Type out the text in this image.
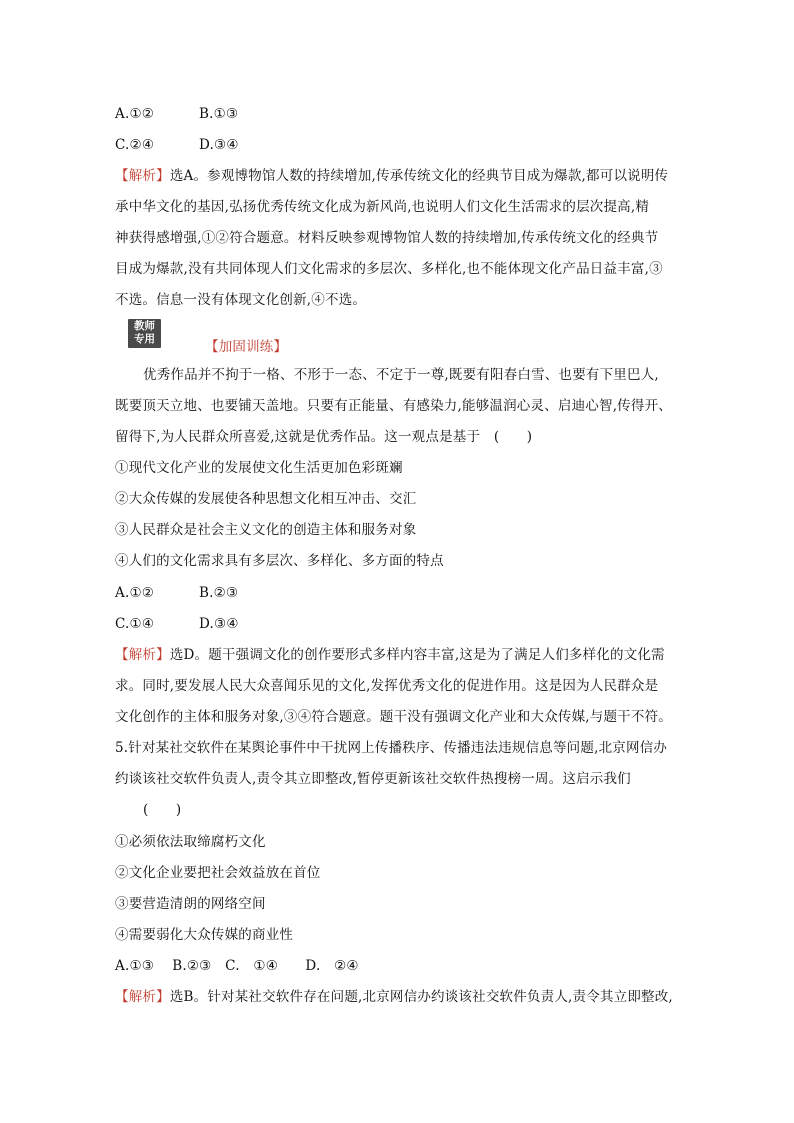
A.①②	B.①③
C.②④	D.③④
【解析】选A。参观博物馆人数的持续增加,传承传统文化的经典节目成为爆款,都可以说明传
承中华文化的基因,弘扬优秀传统文化成为新风尚,也说明人们文化生活需求的层次提高,精
神获得感增强,①②符合题意。材料反映参观博物馆人数的持续增加,传承传统文化的经典节
目成为爆款,没有共同体现人们文化需求的多层次、多样化,也不能体现文化产品日益丰富,③
不选。信息一没有体现文化创新,④不选。
教师
专用	【加固训练】
优秀作品并不拘于一格、不形于一态、不定于一尊,既要有阳春白雪、也要有下里巴人,
既要顶天立地、也要铺天盖地。只要有正能量、有感染力,能够温润心灵、启迪心智,传得开、
留得下,为人民群众所喜爱,这就是优秀作品。这一观点是基于　(　　)
①现代文化产业的发展使文化生活更加色彩斑斓
②大众传媒的发展使各种思想文化相互冲击、交汇
③人民群众是社会主义文化的创造主体和服务对象
④人们的文化需求具有多层次、多样化、多方面的特点
A.①②	B.②③
C.①④	D.③④
【解析】选D。题干强调文化的创作要形式多样内容丰富,这是为了满足人们多样化的文化需
求。同时,要发展人民大众喜闻乐见的文化,发挥优秀文化的促进作用。这是因为人民群众是
文化创作的主体和服务对象,③④符合题意。题干没有强调文化产业和大众传媒,与题干不符。
5.针对某社交软件在某舆论事件中干扰网上传播秩序、传播违法违规信息等问题,北京网信办
约谈该社交软件负责人,责令其立即整改,暂停更新该社交软件热搜榜一周。这启示我们
(　　)
①必须依法取缔腐朽文化
②文化企业要把社会效益放在首位
③要营造清朗的网络空间
④需要弱化大众传媒的商业性
A.①③　 B.②③　C.　①④　　D.　②④
【解析】选B。针对某社交软件存在问题,北京网信办约谈该社交软件负责人,责令其立即整改,
